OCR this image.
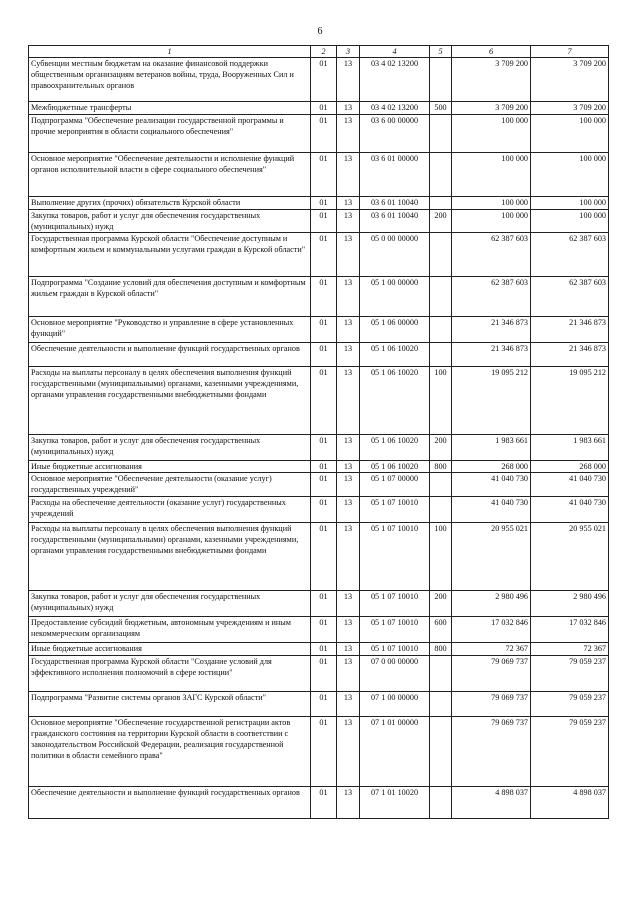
6
1	2	3	4	5	6	7
Субвенции местным бюджетам на оказание финансовой поддержки общественным организациям ветеранов войны, труда, Вооруженных Сил и правоохранительных органов	01	13	03 4 02 13200		3 709 200	3 709 200
Межбюджетные трансферты	01	13	03 4 02 13200	500	3 709 200	3 709 200
Подпрограмма "Обеспечение реализации государственной программы и прочие мероприятия в области социального обеспечения"	01	13	03 6 00 00000		100 000	100 000
Основное мероприятие "Обеспечение деятельности и исполнение функций органов исполнительной власти в сфере социального обеспечения"	01	13	03 6 01 00000		100 000	100 000
Выполнение других (прочих) обязательств Курской области	01	13	03 6 01 10040		100 000	100 000
Закупка товаров, работ и услуг для обеспечения государственных (муниципальных) нужд	01	13	03 6 01 10040	200	100 000	100 000
Государственная программа Курской области "Обеспечение доступным и комфортным жильем и коммунальными услугами граждан в Курской области"	01	13	05 0 00 00000		62 387 603	62 387 603
Подпрограмма "Создание условий для обеспечения доступным и комфортным жильем граждан в Курской области"	01	13	05 1 00 00000		62 387 603	62 387 603
Основное мероприятие "Руководство и управление в сфере установленных функций"	01	13	05 1 06 00000		21 346 873	21 346 873
Обеспечение деятельности и выполнение функций государственных органов	01	13	05 1 06 10020		21 346 873	21 346 873
Расходы на выплаты персоналу в целях обеспечения выполнения функций государственными (муниципальными) органами, казенными учреждениями, органами управления государственными внебюджетными фондами	01	13	05 1 06 10020	100	19 095 212	19 095 212
Закупка товаров, работ и услуг для обеспечения государственных (муниципальных) нужд	01	13	05 1 06 10020	200	1 983 661	1 983 661
Иные бюджетные ассигнования	01	13	05 1 06 10020	800	268 000	268 000
Основное мероприятие "Обеспечение деятельности (оказание услуг) государственных учреждений"	01	13	05 1 07 00000		41 040 730	41 040 730
Расходы на обеспечение деятельности (оказание услуг) государственных учреждений	01	13	05 1 07 10010		41 040 730	41 040 730
Расходы на выплаты персоналу в целях обеспечения выполнения функций государственными (муниципальными) органами, казенными учреждениями, органами управления государственными внебюджетными фондами	01	13	05 1 07 10010	100	20 955 021	20 955 021
Закупка товаров, работ и услуг для обеспечения государственных (муниципальных) нужд	01	13	05 1 07 10010	200	2 980 496	2 980 496
Предоставление субсидий бюджетным, автономным учреждениям и иным некоммерческим организациям	01	13	05 1 07 10010	600	17 032 846	17 032 846
Иные бюджетные ассигнования	01	13	05 1 07 10010	800	72 367	72 367
Государственная программа Курской области "Создание условий для эффективного исполнения полномочий в сфере юстиции"	01	13	07 0 00 00000		79 069 737	79 059 237
Подпрограмма "Развитие системы органов ЗАГС Курской области"	01	13	07 1 00 00000		79 069 737	79 059 237
Основное мероприятие "Обеспечение государственной регистрации актов гражданского состояния на территории Курской области в соответствии с законодательством Российской Федерации, реализация государственной политики в области семейного права"	01	13	07 1 01 00000		79 069 737	79 059 237
Обеспечение деятельности и выполнение функций государственных органов	01	13	07 1 01 10020		4 898 037	4 898 037
